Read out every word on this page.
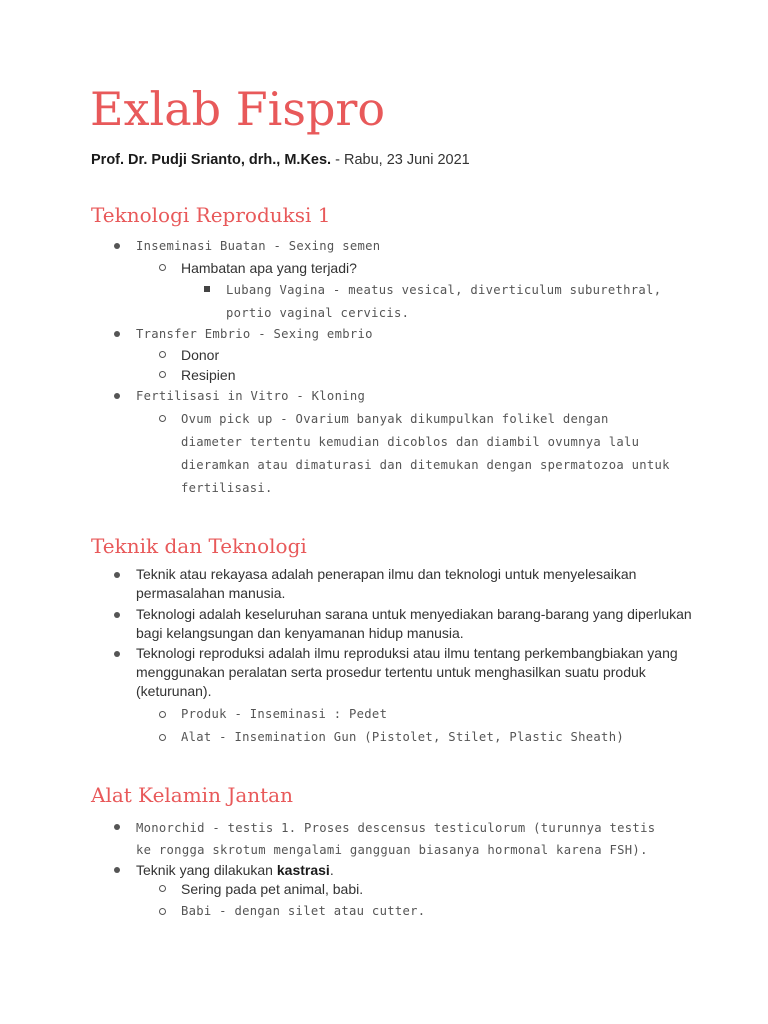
Exlab Fispro
Prof. Dr. Pudji Srianto, drh., M.Kes. - Rabu, 23 Juni 2021
Teknologi Reproduksi 1
Inseminasi Buatan - Sexing semen
Hambatan apa yang terjadi?
Lubang Vagina - meatus vesical, diverticulum suburethral,
portio vaginal cervicis.
Transfer Embrio - Sexing embrio
Donor
Resipien
Fertilisasi in Vitro - Kloning
Ovum pick up - Ovarium banyak dikumpulkan folikel dengan
diameter tertentu kemudian dicoblos dan diambil ovumnya lalu
dieramkan atau dimaturasi dan ditemukan dengan spermatozoa untuk
fertilisasi.
Teknik dan Teknologi
Teknik atau rekayasa adalah penerapan ilmu dan teknologi untuk menyelesaikan
permasalahan manusia.
Teknologi adalah keseluruhan sarana untuk menyediakan barang-barang yang diperlukan
bagi kelangsungan dan kenyamanan hidup manusia.
Teknologi reproduksi adalah ilmu reproduksi atau ilmu tentang perkembangbiakan yang
menggunakan peralatan serta prosedur tertentu untuk menghasilkan suatu produk
(keturunan).
Produk - Inseminasi : Pedet
Alat - Insemination Gun (Pistolet, Stilet, Plastic Sheath)
Alat Kelamin Jantan
Monorchid - testis 1. Proses descensus testiculorum (turunnya testis
ke rongga skrotum mengalami gangguan biasanya hormonal karena FSH).
Teknik yang dilakukan kastrasi.
Sering pada pet animal, babi.
Babi - dengan silet atau cutter.
